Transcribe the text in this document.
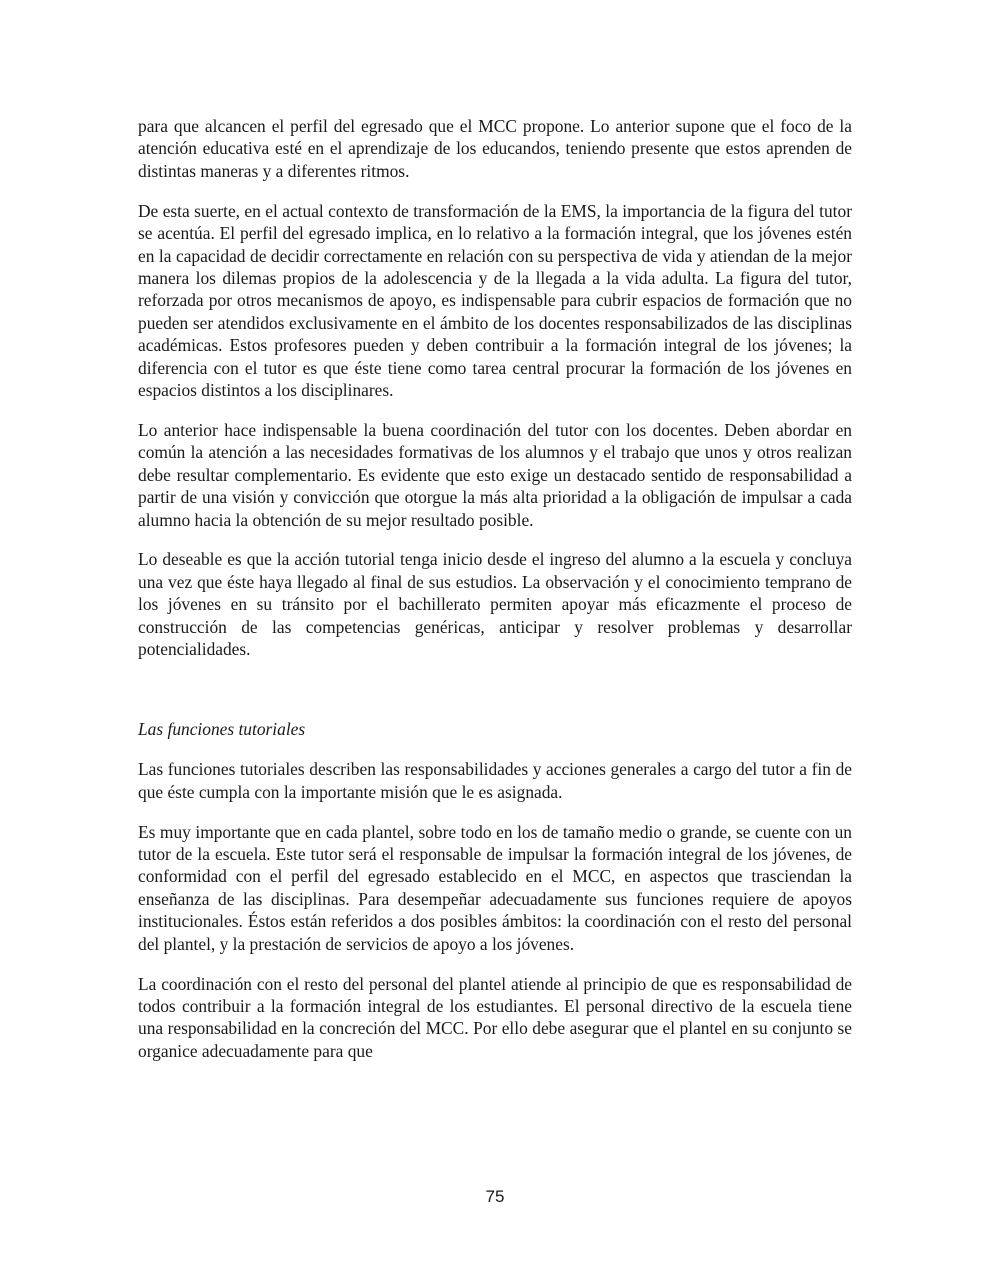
para que alcancen el perfil del egresado que el MCC propone. Lo anterior supone que el foco de la atención educativa esté en el aprendizaje de los educandos, teniendo presente que estos aprenden de distintas maneras y a diferentes ritmos.

De esta suerte, en el actual contexto de transformación de la EMS, la importancia de la figura del tutor se acentúa. El perfil del egresado implica, en lo relativo a la formación integral, que los jóvenes estén en la capacidad de decidir correctamente en relación con su perspectiva de vida y atiendan de la mejor manera los dilemas propios de la adolescencia y de la llegada a la vida adulta. La figura del tutor, reforzada por otros mecanismos de apoyo, es indispensable para cubrir espacios de formación que no pueden ser atendidos exclusivamente en el ámbito de los docentes responsabilizados de las disciplinas académicas. Estos profesores pueden y deben contribuir a la formación integral de los jóvenes; la diferencia con el tutor es que éste tiene como tarea central procurar la formación de los jóvenes en espacios distintos a los disciplinares.

Lo anterior hace indispensable la buena coordinación del tutor con los docentes. Deben abordar en común la atención a las necesidades formativas de los alumnos y el trabajo que unos y otros realizan debe resultar complementario. Es evidente que esto exige un destacado sentido de responsabilidad a partir de una visión y convicción que otorgue la más alta prioridad a la obligación de impulsar a cada alumno hacia la obtención de su mejor resultado posible.

Lo deseable es que la acción tutorial tenga inicio desde el ingreso del alumno a la escuela y concluya una vez que éste haya llegado al final de sus estudios. La observación y el conocimiento temprano de los jóvenes en su tránsito por el bachillerato permiten apoyar más eficazmente el proceso de construcción de las competencias genéricas, anticipar y resolver problemas y desarrollar potencialidades.

Las funciones tutoriales

Las funciones tutoriales describen las responsabilidades y acciones generales a cargo del tutor a fin de que éste cumpla con la importante misión que le es asignada.

Es muy importante que en cada plantel, sobre todo en los de tamaño medio o grande, se cuente con un tutor de la escuela. Este tutor será el responsable de impulsar la formación integral de los jóvenes, de conformidad con el perfil del egresado establecido en el MCC, en aspectos que trasciendan la enseñanza de las disciplinas. Para desempeñar adecuadamente sus funciones requiere de apoyos institucionales. Éstos están referidos a dos posibles ámbitos: la coordinación con el resto del personal del plantel, y la prestación de servicios de apoyo a los jóvenes.

La coordinación con el resto del personal del plantel atiende al principio de que es responsabilidad de todos contribuir a la formación integral de los estudiantes. El personal directivo de la escuela tiene una responsabilidad en la concreción del MCC. Por ello debe asegurar que el plantel en su conjunto se organice adecuadamente para que

75
